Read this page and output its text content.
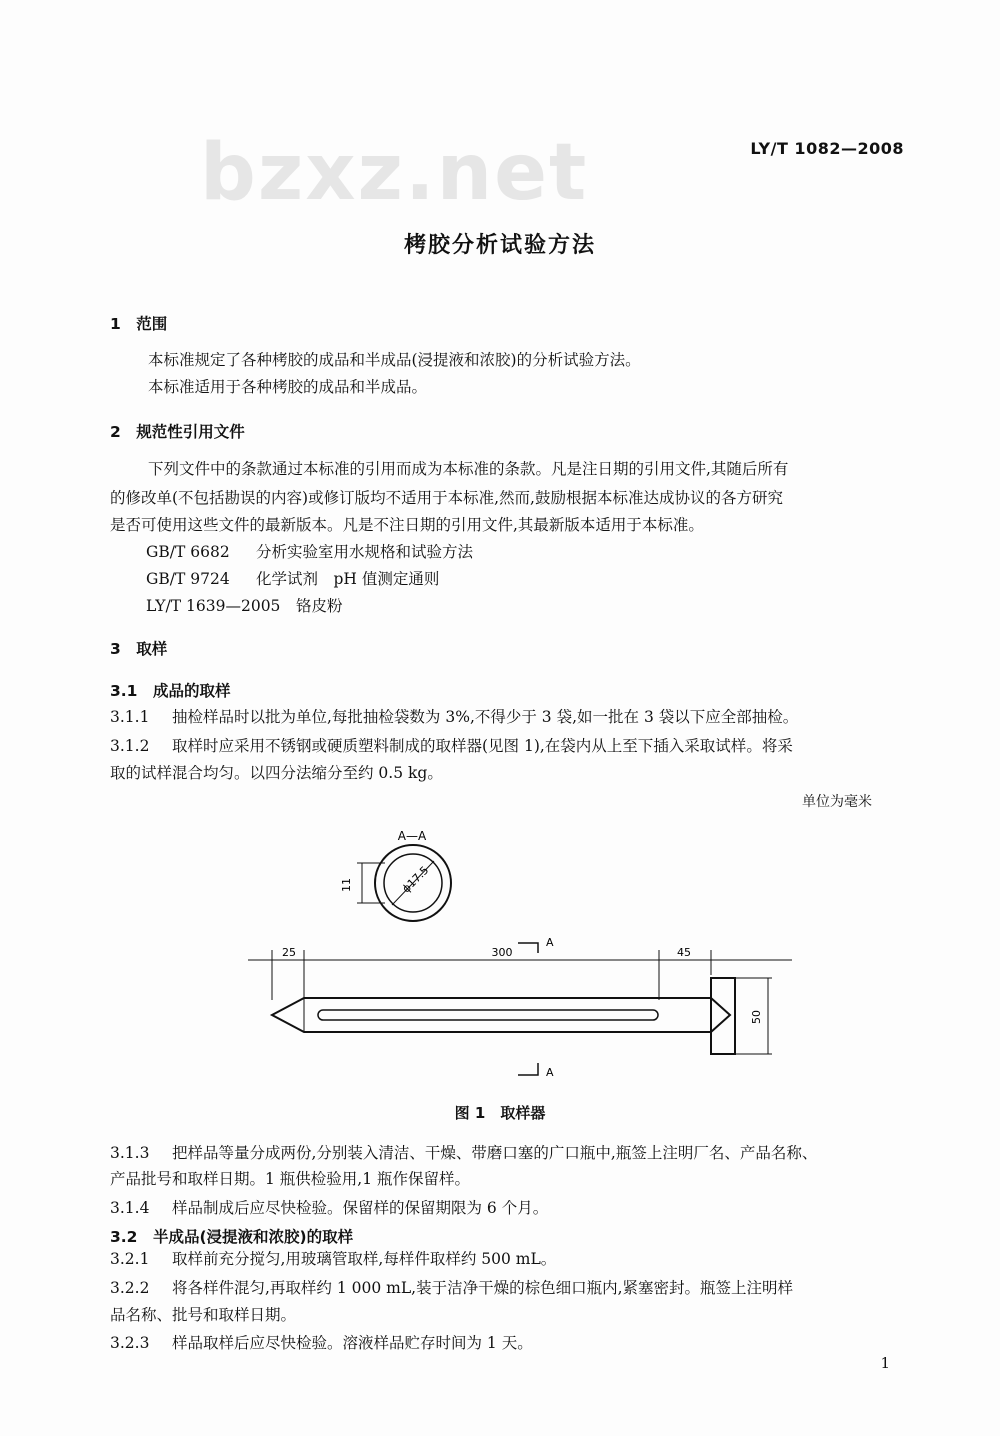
bzxz.net	LY/T 1082—2008
栲胶分析试验方法
1　范围
本标准规定了各种栲胶的成品和半成品(浸提液和浓胶)的分析试验方法。
本标准适用于各种栲胶的成品和半成品。
2　规范性引用文件
下列文件中的条款通过本标准的引用而成为本标准的条款。凡是注日期的引用文件,其随后所有
的修改单(不包括勘误的内容)或修订版均不适用于本标准,然而,鼓励根据本标准达成协议的各方研究
是否可使用这些文件的最新版本。凡是不注日期的引用文件,其最新版本适用于本标准。
GB/T 6682 分析实验室用水规格和试验方法
GB/T 9724 化学试剂　pH 值测定通则
LY/T 1639—2005 铬皮粉
3　取样
3.1　成品的取样
3.1.1 抽检样品时以批为单位,每批抽检袋数为 3%,不得少于 3 袋,如一批在 3 袋以下应全部抽检。
3.1.2 取样时应采用不锈钢或硬质塑料制成的取样器(见图 1),在袋内从上至下插入采取试样。将采
取的试样混合均匀。以四分法缩分至约 0.5 kg。
单位为毫米
A—A
11	ϕ17.5
25	300	45
A
50
A
图 1　取样器
3.1.3 把样品等量分成两份,分别装入清洁、干燥、带磨口塞的广口瓶中,瓶签上注明厂名、产品名称、
产品批号和取样日期。1 瓶供检验用,1 瓶作保留样。
3.1.4 样品制成后应尽快检验。保留样的保留期限为 6 个月。
3.2　半成品(浸提液和浓胶)的取样
3.2.1 取样前充分搅匀,用玻璃管取样,每样件取样约 500 mL。
3.2.2 将各样件混匀,再取样约 1 000 mL,装于洁净干燥的棕色细口瓶内,紧塞密封。瓶签上注明样
品名称、批号和取样日期。
3.2.3 样品取样后应尽快检验。溶液样品贮存时间为 1 天。
1
